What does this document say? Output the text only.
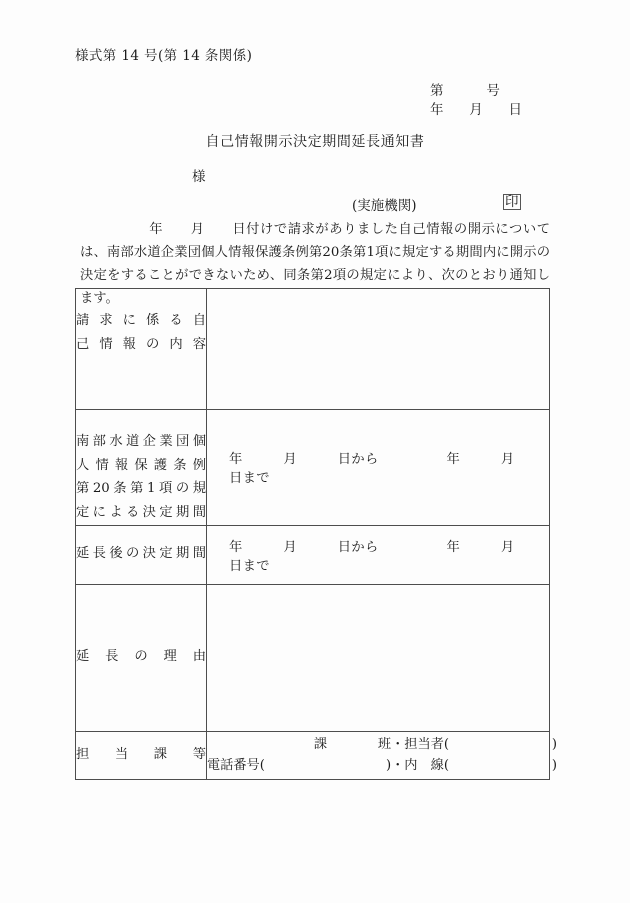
様式第 14 号(第 14 条関係)
第          号
年      月      日
自己情報開示決定期間延長通知書
様
(実施機関)	印
　　　　　年　　月　　日付けで請求がありました自己情報の開示については、南部水道企業団個人情報保護条例第20条第1項に規定する期間内に開示の決定をすることができないため、同条第2項の規定により、次のとおり通知します。
請求に係る自
己情報の内容	

南部水道企業団個
人情報保護条例
第20条第1項の規
定による決定期間	年　　　月　　　日から　　　　　年　　　月　　　日まで

延長後の決定期間	年　　　月　　　日から　　　　　年　　　月　　　日まで

延長の理由	

担当課等	課 班・担当者( )
電話番号( )・内　線( )
